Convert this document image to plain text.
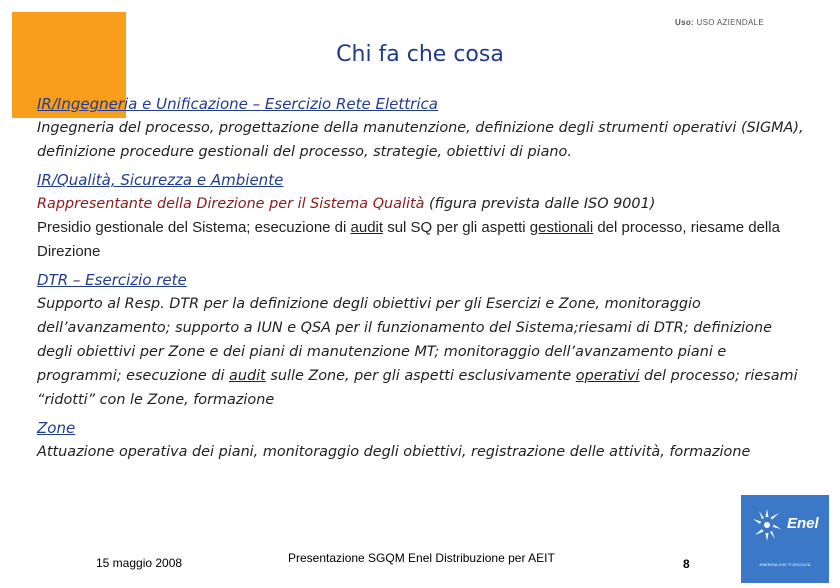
Uso: USO AZIENDALE
Chi fa che cosa
IR/Ingegneria e Unificazione – Esercizio Rete Elettrica

Ingegneria del processo, progettazione della manutenzione, definizione degli strumenti operativi (SIGMA), definizione procedure gestionali del processo, strategie, obiettivi di piano.

IR/Qualità, Sicurezza e Ambiente

Rappresentante della Direzione per il Sistema Qualità (figura prevista dalle ISO 9001)

Presidio gestionale del Sistema; esecuzione di audit sul SQ per gli aspetti gestionali del processo, riesame della Direzione

DTR – Esercizio rete

Supporto al Resp. DTR per la definizione degli obiettivi per gli Esercizi e Zone, monitoraggio dell’avanzamento; supporto a IUN e QSA per il funzionamento del Sistema;riesami di DTR; definizione degli obiettivi per Zone e dei piani di manutenzione MT; monitoraggio dell’avanzamento piani e programmi; esecuzione di audit sulle Zone, per gli aspetti esclusivamente operativi del processo; riesami “ridotti” con le Zone, formazione

Zone

Attuazione operativa dei piani, monitoraggio degli obiettivi, registrazione delle attività, formazione

15 maggio 2008	Presentazione SGQM Enel Distribuzione per AEIT	8
Enel
ENERGIA CHE TI ASCOLTA
